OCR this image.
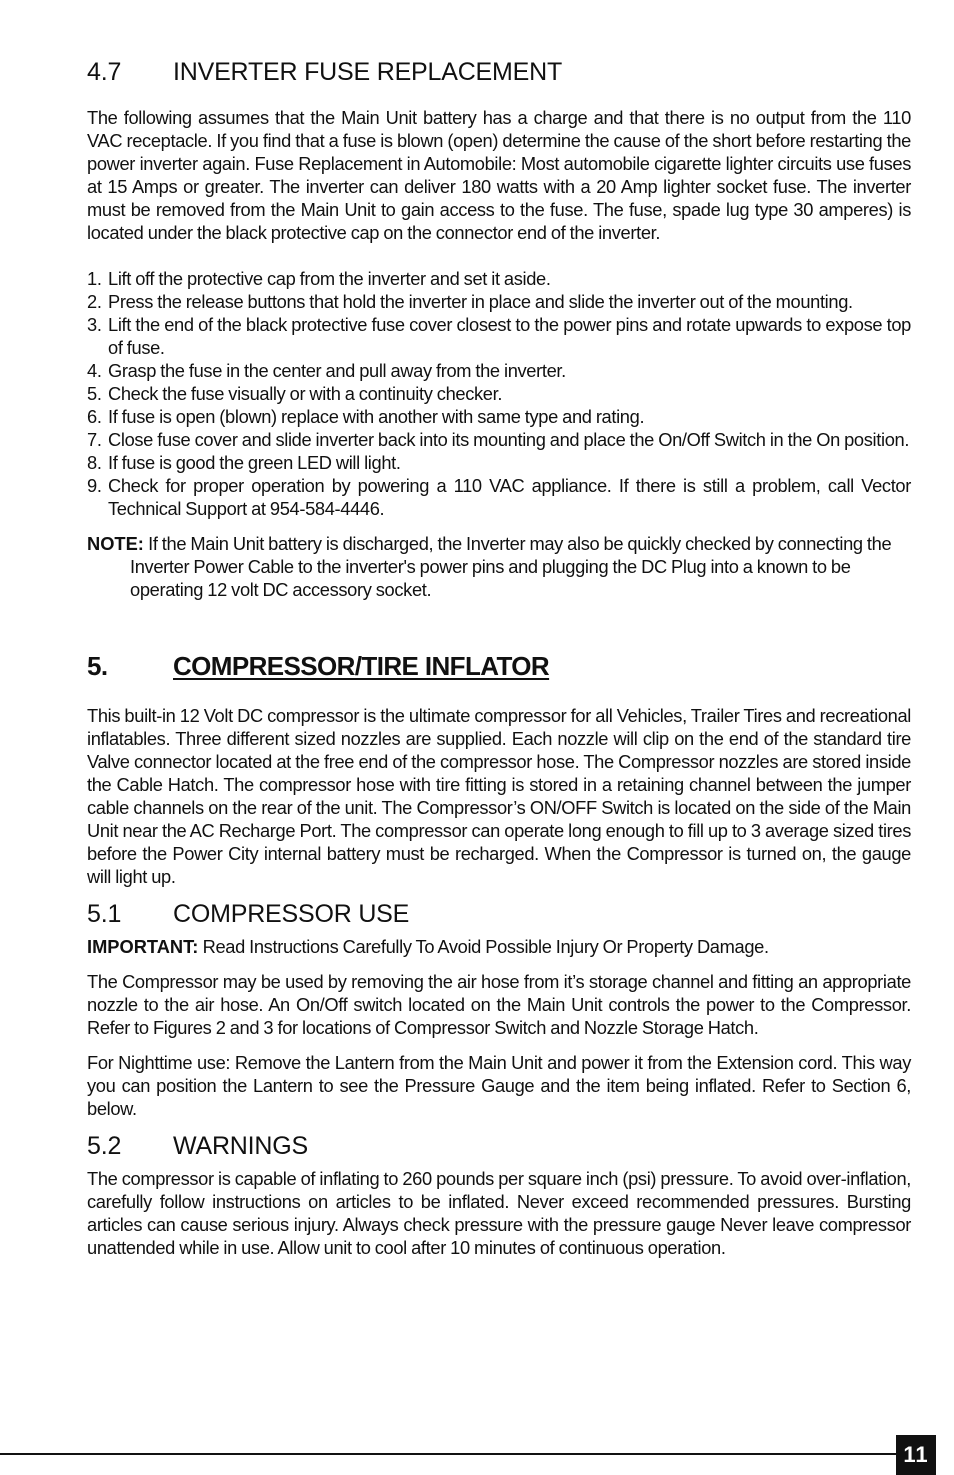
4.7	INVERTER FUSE REPLACEMENT

The following assumes that the Main Unit battery has a charge and that there is no output from the 110 VAC receptacle. If you find that a fuse is blown (open) determine the cause of the short before restarting the power inverter again. Fuse Replacement in Automobile: Most automobile cigarette lighter circuits use fuses at 15 Amps or greater. The inverter can deliver 180 watts with a 20 Amp lighter socket fuse. The inverter must be removed from the Main Unit to gain access to the fuse. The fuse, spade lug type 30 amperes) is located under the black protective cap on the connector end of the inverter.

1. Lift off the protective cap from the inverter and set it aside.
2. Press the release buttons that hold the inverter in place and slide the inverter out of the mounting.
3. Lift the end of the black protective fuse cover closest to the power pins and rotate upwards to expose top of fuse.
4. Grasp the fuse in the center and pull away from the inverter.
5. Check the fuse visually or with a continuity checker.
6. If fuse is open (blown) replace with another with same type and rating.
7. Close fuse cover and slide inverter back into its mounting and place the On/Off Switch in the On position.
8. If fuse is good the green LED will light.
9. Check for proper operation by powering a 110 VAC appliance. If there is still a problem, call Vector Technical Support at 954-584-4446.

NOTE: If the Main Unit battery is discharged, the Inverter may also be quickly checked by connecting the Inverter Power Cable to the inverter's power pins and plugging the DC Plug into a known to be operating 12 volt DC accessory socket.

5.	COMPRESSOR/TIRE INFLATOR

This built-in 12 Volt DC compressor is the ultimate compressor for all Vehicles, Trailer Tires and recreational inflatables. Three different sized nozzles are supplied. Each nozzle will clip on the end of the standard tire Valve connector located at the free end of the compressor hose. The Compressor nozzles are stored inside the Cable Hatch. The compressor hose with tire fitting is stored in a retaining channel between the jumper cable channels on the rear of the unit. The Compressor’s ON/OFF Switch is located on the side of the Main Unit near the AC Recharge Port. The compressor can operate long enough to fill up to 3 average sized tires before the Power City internal battery must be recharged. When the Compressor is turned on, the gauge will light up.

5.1	COMPRESSOR USE

IMPORTANT: Read Instructions Carefully To Avoid Possible Injury Or Property Damage.

The Compressor may be used by removing the air hose from it’s storage channel and fitting an appropriate nozzle to the air hose. An On/Off switch located on the Main Unit controls the power to the Compressor. Refer to Figures 2 and 3 for locations of Compressor Switch and Nozzle Storage Hatch.

For Nighttime use: Remove the Lantern from the Main Unit and power it from the Extension cord. This way you can position the Lantern to see the Pressure Gauge and the item being inflated. Refer to Section 6, below.

5.2	WARNINGS

The compressor is capable of inflating to 260 pounds per square inch (psi) pressure. To avoid over-inflation, carefully follow instructions on articles to be inflated. Never exceed recommended pressures. Bursting articles can cause serious injury. Always check pressure with the pressure gauge Never leave compressor unattended while in use. Allow unit to cool after 10 minutes of continuous operation.

11
